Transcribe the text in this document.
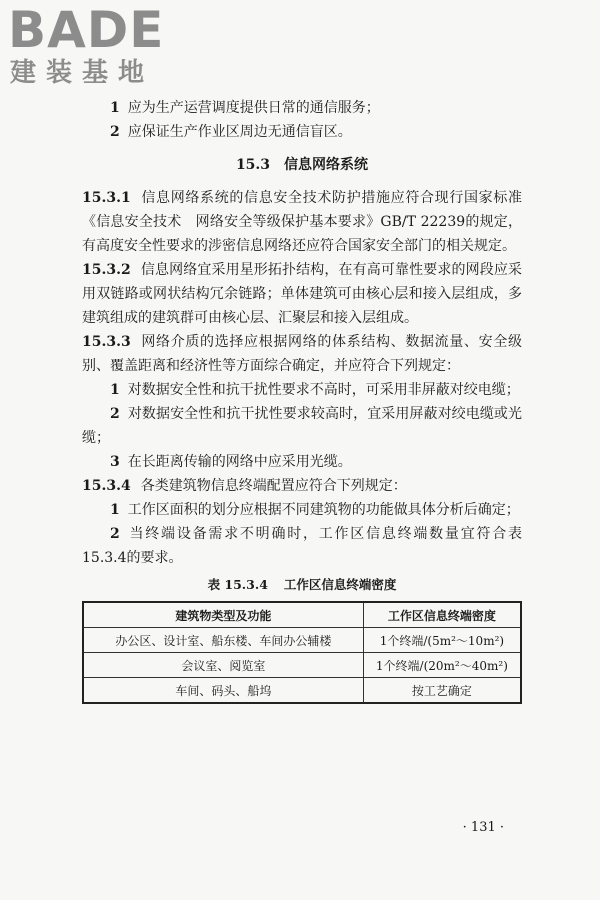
BADE
建装基地

1 应为生产运营调度提供日常的通信服务；

2 应保证生产作业区周边无通信盲区。

15.3 信息网络系统

15.3.1 信息网络系统的信息安全技术防护措施应符合现行国家标准《信息安全技术　网络安全等级保护基本要求》GB/T 22239的规定，有高度安全性要求的涉密信息网络还应符合国家安全部门的相关规定。

15.3.2 信息网络宜采用星形拓扑结构，在有高可靠性要求的网段应采用双链路或网状结构冗余链路；单体建筑可由核心层和接入层组成，多建筑组成的建筑群可由核心层、汇聚层和接入层组成。

15.3.3 网络介质的选择应根据网络的体系结构、数据流量、安全级别、覆盖距离和经济性等方面综合确定，并应符合下列规定：

1 对数据安全性和抗干扰性要求不高时，可采用非屏蔽对绞电缆；

2 对数据安全性和抗干扰性要求较高时，宜采用屏蔽对绞电缆或光缆；

3 在长距离传输的网络中应采用光缆。

15.3.4 各类建筑物信息终端配置应符合下列规定：

1 工作区面积的划分应根据不同建筑物的功能做具体分析后确定；

2 当终端设备需求不明确时，工作区信息终端数量宜符合表15.3.4的要求。

表 15.3.4 工作区信息终端密度
建筑物类型及功能	工作区信息终端密度
办公区、设计室、船东楼、车间办公辅楼	1个终端/(5m²～10m²)
会议室、阅览室	1个终端/(20m²～40m²)
车间、码头、船坞	按工艺确定
· 131 ·
